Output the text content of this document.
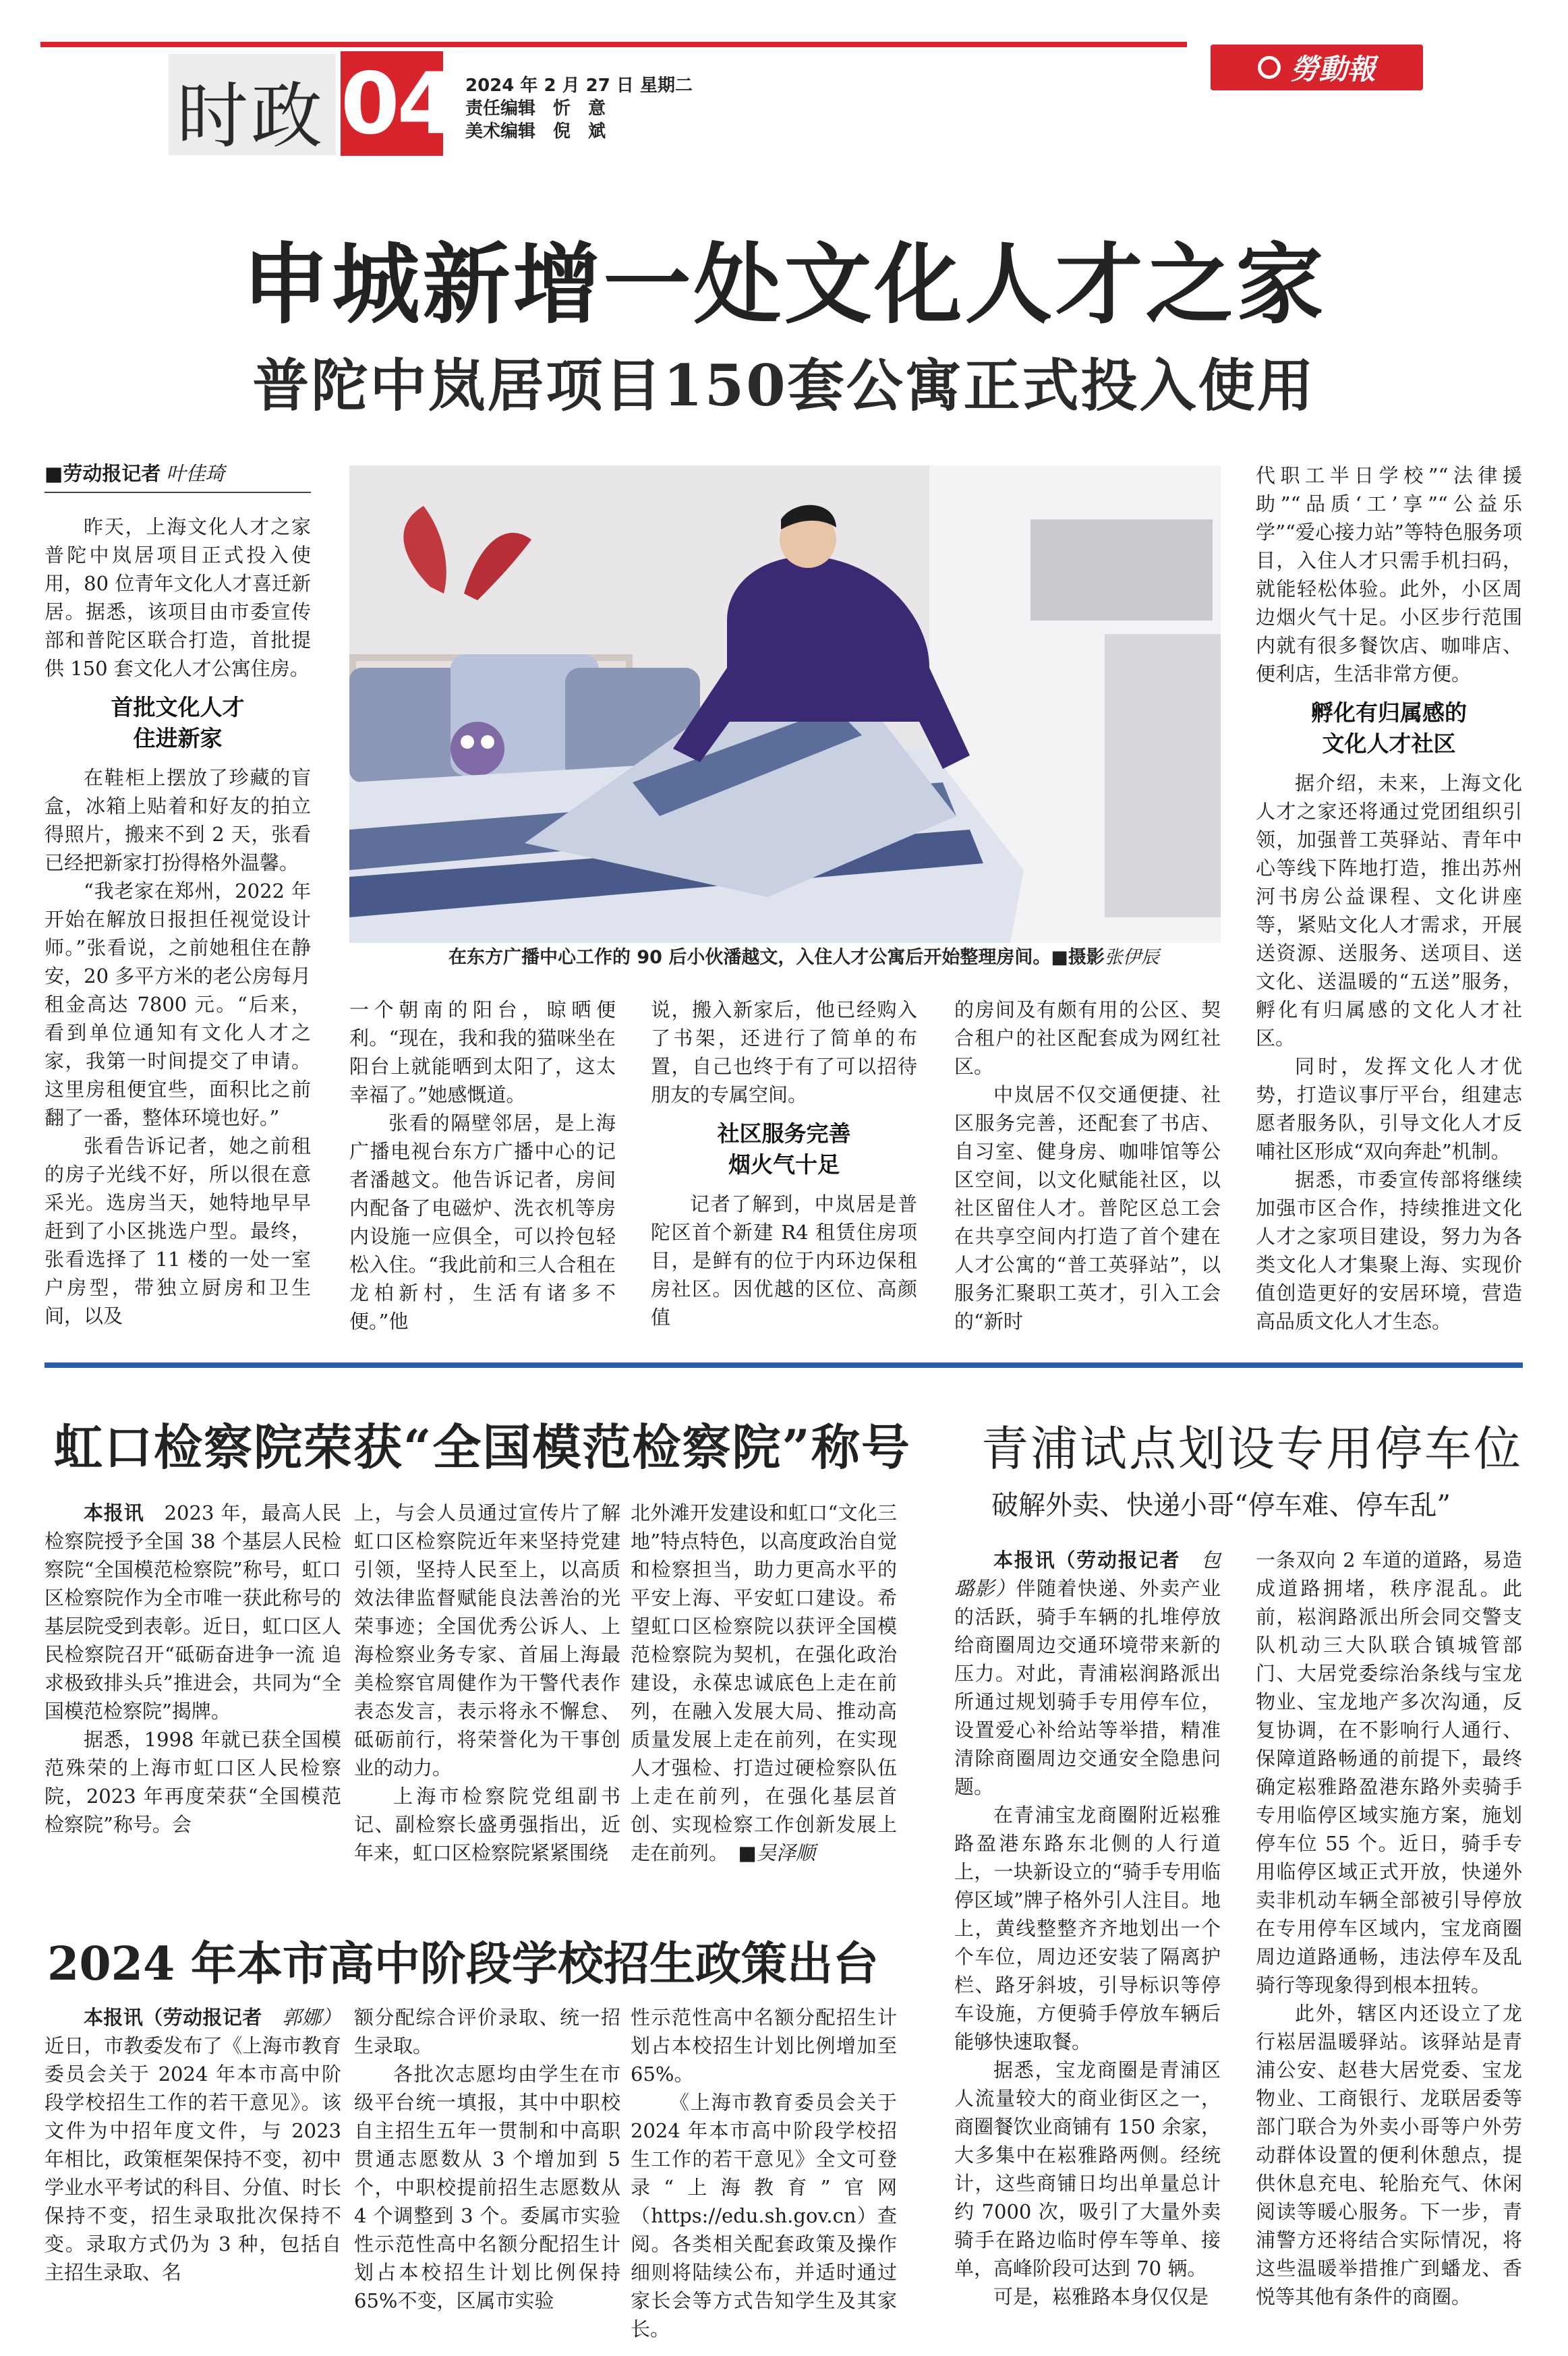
时政 04 2024 年 2 月 27 日 星期二
责任编辑　忻　意
美术编辑　倪　斌
勞動報
申城新增一处文化人才之家
普陀中岚居项目150套公寓正式投入使用
■劳动报记者 叶佳琦

昨天，上海文化人才之家普陀中岚居项目正式投入使用，80 位青年文化人才喜迁新居。据悉，该项目由市委宣传部和普陀区联合打造，首批提供 150 套文化人才公寓住房。

首批文化人才
住进新家

在鞋柜上摆放了珍藏的盲盒，冰箱上贴着和好友的拍立得照片，搬来不到 2 天，张看已经把新家打扮得格外温馨。

“我老家在郑州，2022 年开始在解放日报担任视觉设计师。”张看说，之前她租住在静安，20 多平方米的老公房每月租金高达 7800 元。“后来，看到单位通知有文化人才之家，我第一时间提交了申请。这里房租便宜些，面积比之前翻了一番，整体环境也好。”

张看告诉记者，她之前租的房子光线不好，所以很在意采光。选房当天，她特地早早赶到了小区挑选户型。最终，张看选择了 11 楼的一处一室户房型，带独立厨房和卫生间，以及

在东方广播中心工作的 90 后小伙潘越文，入住人才公寓后开始整理房间。■摄影张伊辰

一个朝南的阳台，晾晒便利。“现在，我和我的猫咪坐在阳台上就能晒到太阳了，这太幸福了。”她感慨道。

张看的隔壁邻居，是上海广播电视台东方广播中心的记者潘越文。他告诉记者，房间内配备了电磁炉、洗衣机等房内设施一应俱全，可以拎包轻松入住。“我此前和三人合租在龙柏新村，生活有诸多不便。”他

说，搬入新家后，他已经购入了书架，还进行了简单的布置，自己也终于有了可以招待朋友的专属空间。

社区服务完善
烟火气十足

记者了解到，中岚居是普陀区首个新建 R4 租赁住房项目，是鲜有的位于内环边保租房社区。因优越的区位、高颜值

的房间及有颇有用的公区、契合租户的社区配套成为网红社区。

中岚居不仅交通便捷、社区服务完善，还配套了书店、自习室、健身房、咖啡馆等公区空间，以文化赋能社区，以社区留住人才。普陀区总工会在共享空间内打造了首个建在人才公寓的“普工英驿站”，以服务汇聚职工英才，引入工会的“新时

代职工半日学校”“法律援助”“品质‘工’享”“公益乐学”“爱心接力站”等特色服务项目，入住人才只需手机扫码，就能轻松体验。此外，小区周边烟火气十足。小区步行范围内就有很多餐饮店、咖啡店、便利店，生活非常方便。

孵化有归属感的
文化人才社区

据介绍，未来，上海文化人才之家还将通过党团组织引领，加强普工英驿站、青年中心等线下阵地打造，推出苏州河书房公益课程、文化讲座等，紧贴文化人才需求，开展送资源、送服务、送项目、送文化、送温暖的“五送”服务，孵化有归属感的文化人才社区。

同时，发挥文化人才优势，打造议事厅平台，组建志愿者服务队，引导文化人才反哺社区形成“双向奔赴”机制。

据悉，市委宣传部将继续加强市区合作，持续推进文化人才之家项目建设，努力为各类文化人才集聚上海、实现价值创造更好的安居环境，营造高品质文化人才生态。

虹口检察院荣获“全国模范检察院”称号

本报讯　 2023 年，最高人民检察院授予全国 38 个基层人民检察院“全国模范检察院”称号，虹口区检察院作为全市唯一获此称号的基层院受到表彰。近日，虹口区人民检察院召开“砥砺奋进争一流 追求极致排头兵”推进会，共同为“全国模范检察院”揭牌。

据悉，1998 年就已获全国模范殊荣的上海市虹口区人民检察院，2023 年再度荣获“全国模范检察院”称号。会

上，与会人员通过宣传片了解虹口区检察院近年来坚持党建引领，坚持人民至上，以高质效法律监督赋能良法善治的光荣事迹；全国优秀公诉人、上海检察业务专家、首届上海最美检察官周健作为干警代表作表态发言，表示将永不懈怠、砥砺前行，将荣誉化为干事创业的动力。

上海市检察院党组副书记、副检察长盛勇强指出，近年来，虹口区检察院紧紧围绕

北外滩开发建设和虹口“文化三地”特点特色，以高度政治自觉和检察担当，助力更高水平的平安上海、平安虹口建设。希望虹口区检察院以获评全国模范检察院为契机，在强化政治建设，永葆忠诚底色上走在前列，在融入发展大局、推动高质量发展上走在前列，在实现人才强检、打造过硬检察队伍上走在前列，在强化基层首创、实现检察工作创新发展上走在前列。　 ■吴泽顺

2024 年本市高中阶段学校招生政策出台

本报讯（劳动报记者　 郭娜）近日，市教委发布了《上海市教育委员会关于 2024 年本市高中阶段学校招生工作的若干意见》。该文件为中招年度文件，与 2023 年相比，政策框架保持不变，初中学业水平考试的科目、分值、时长保持不变，招生录取批次保持不变。录取方式仍为 3 种，包括自主招生录取、名

额分配综合评价录取、统一招生录取。

各批次志愿均由学生在市级平台统一填报，其中中职校自主招生五年一贯制和中高职贯通志愿数从 3 个增加到 5 个，中职校提前招生志愿数从 4 个调整到 3 个。委属市实验性示范性高中名额分配招生计划占本校招生计划比例保持 65%不变，区属市实验

性示范性高中名额分配招生计划占本校招生计划比例增加至 65%。

《上海市教育委员会关于 2024 年本市高中阶段学校招生工作的若干意见》全文可登录“上海教育”官网（https://edu.sh.gov.cn）查阅。各类相关配套政策及操作细则将陆续公布，并适时通过家长会等方式告知学生及其家长。

青浦试点划设专用停车位
破解外卖、快递小哥“停车难、停车乱”

本报讯（劳动报记者　 包璐影）伴随着快递、外卖产业的活跃，骑手车辆的扎堆停放给商圈周边交通环境带来新的压力。对此，青浦崧润路派出所通过规划骑手专用停车位，设置爱心补给站等举措，精准清除商圈周边交通安全隐患问题。

在青浦宝龙商圈附近崧雅路盈港东路东北侧的人行道上，一块新设立的“骑手专用临停区域”牌子格外引人注目。地上，黄线整整齐齐地划出一个个车位，周边还安装了隔离护栏、路牙斜坡，引导标识等停车设施，方便骑手停放车辆后能够快速取餐。

据悉，宝龙商圈是青浦区人流量较大的商业街区之一，商圈餐饮业商铺有 150 余家，大多集中在崧雅路两侧。经统计，这些商铺日均出单量总计约 7000 次，吸引了大量外卖骑手在路边临时停车等单、接单，高峰阶段可达到 70 辆。

可是，崧雅路本身仅仅是

一条双向 2 车道的道路，易造成道路拥堵，秩序混乱。此前，崧润路派出所会同交警支队机动三大队联合镇城管部门、大居党委综治条线与宝龙物业、宝龙地产多次沟通，反复协调，在不影响行人通行、保障道路畅通的前提下，最终确定崧雅路盈港东路外卖骑手专用临停区域实施方案，施划停车位 55 个。近日，骑手专用临停区域正式开放，快递外卖非机动车辆全部被引导停放在专用停车区域内，宝龙商圈周边道路通畅，违法停车及乱骑行等现象得到根本扭转。

此外，辖区内还设立了龙行崧居温暖驿站。该驿站是青浦公安、赵巷大居党委、宝龙物业、工商银行、龙联居委等部门联合为外卖小哥等户外劳动群体设置的便利休憩点，提供休息充电、轮胎充气、休闲阅读等暖心服务。下一步，青浦警方还将结合实际情况，将这些温暖举措推广到蟠龙、香悦等其他有条件的商圈。
